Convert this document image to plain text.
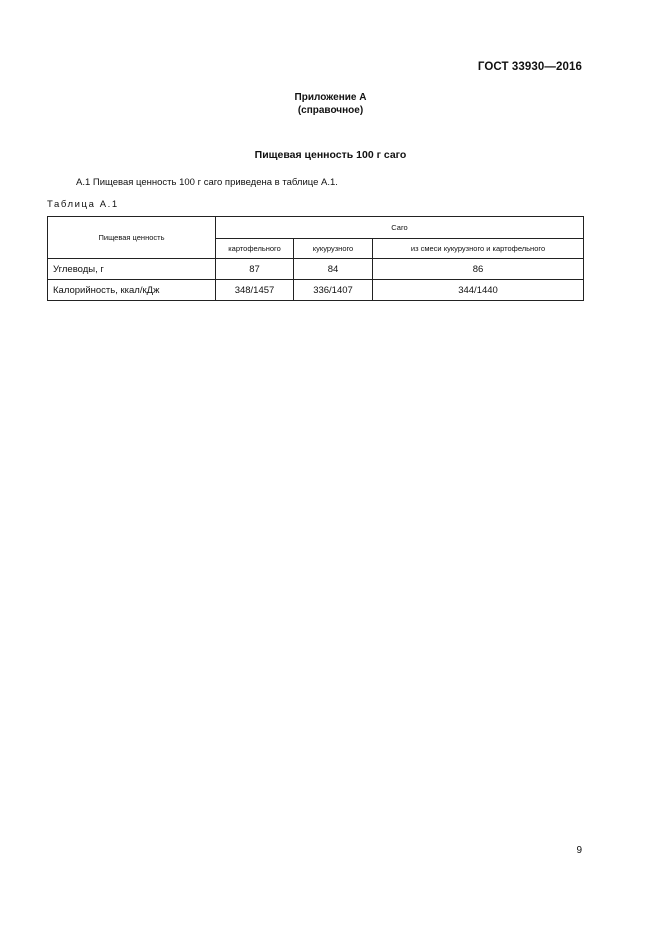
ГОСТ 33930—2016
Приложение А
(справочное)
Пищевая ценность 100 г саго
А.1 Пищевая ценность 100 г саго приведена в таблице А.1.
Таблица А.1
Пищевая ценность	Саго		
	картофельного	кукурузного	из смеси кукурузного и картофельного
Углеводы, г	87	84	86
Калорийность, ккал/кДж	348/1457	336/1407	344/1440
9
